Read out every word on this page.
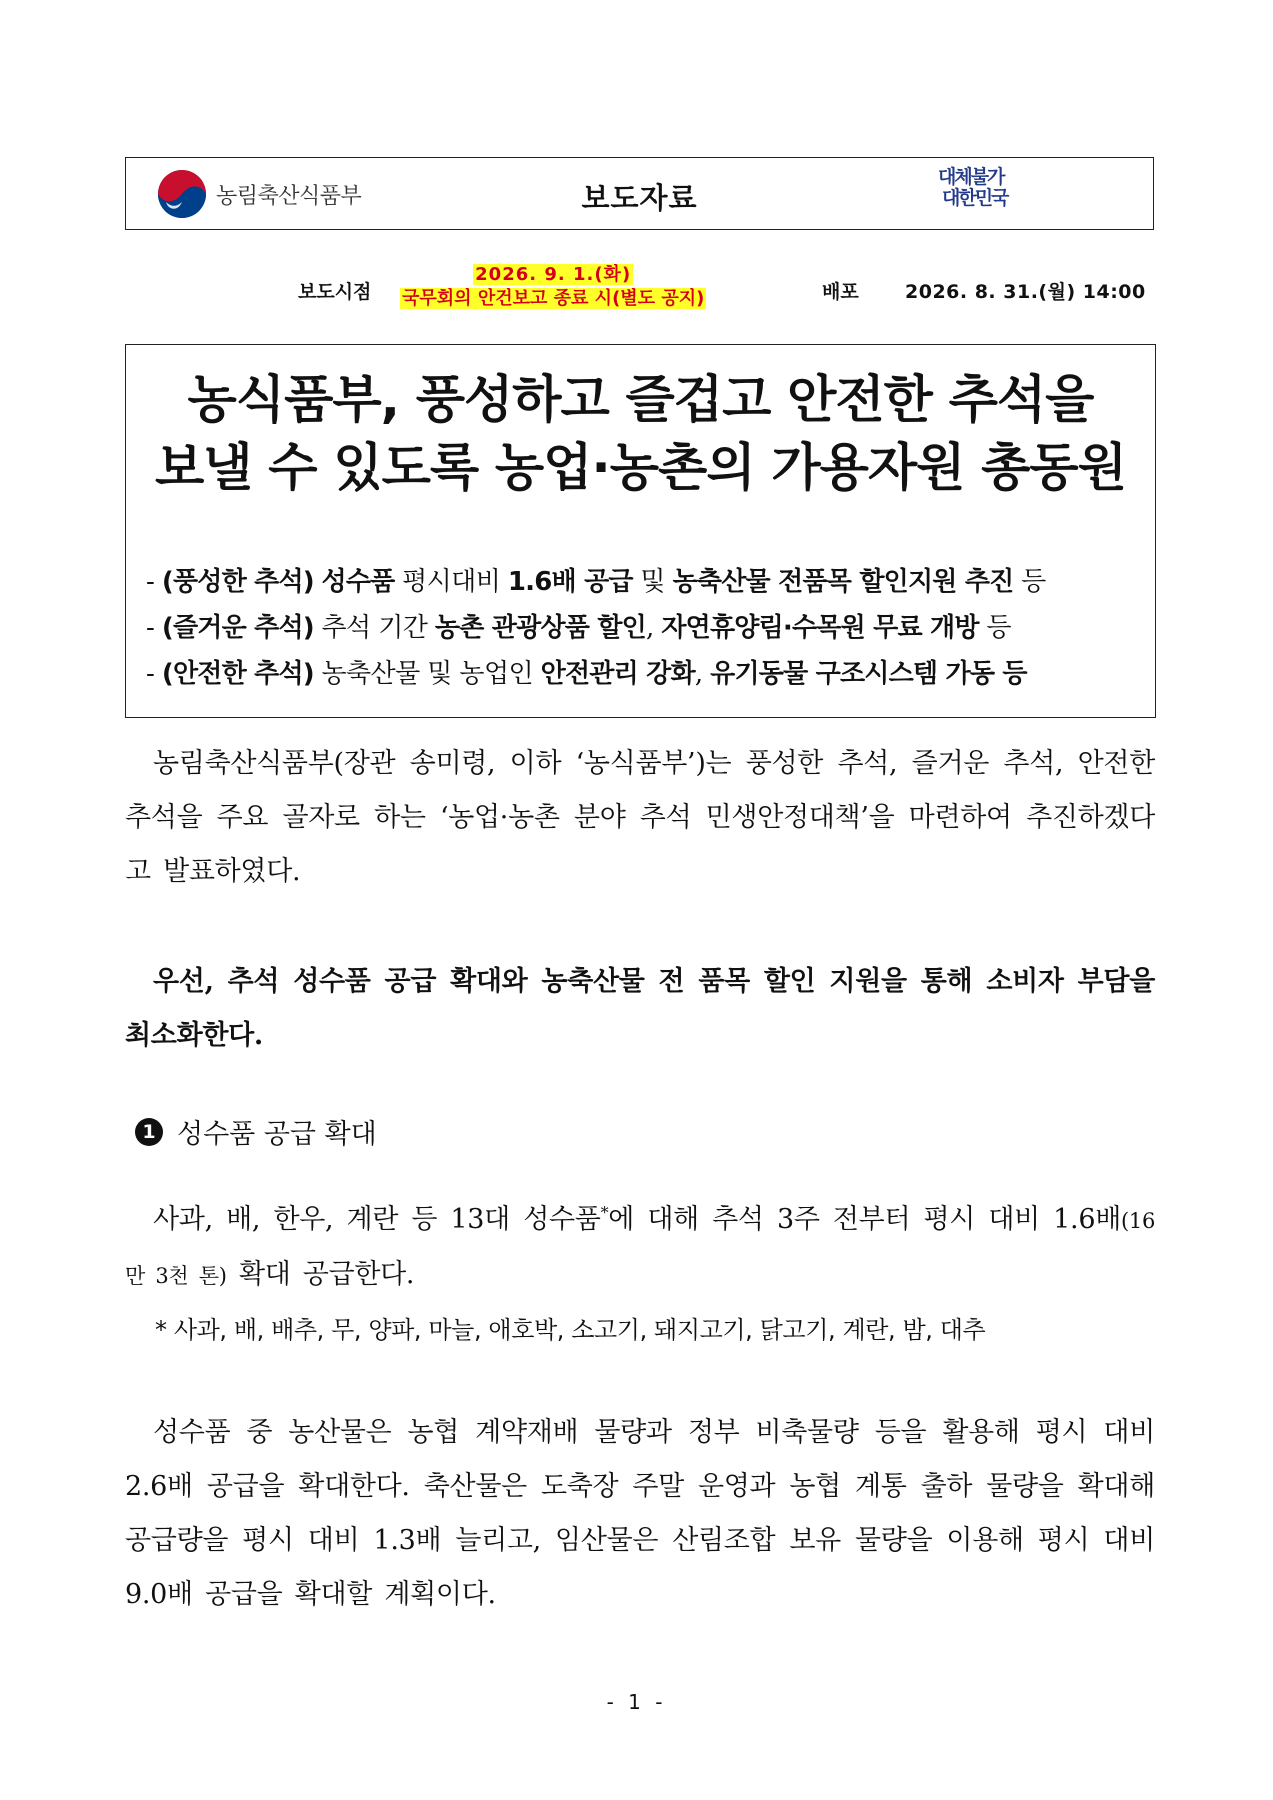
농림축산식품부	보도자료
대체불가
대한민국
보도시점
2026. 9. 1.(화)
국무회의 안건보고 종료 시(별도 공지)	배포 2026. 8. 31.(월) 14:00
농식품부, 풍성하고 즐겁고 안전한 추석을
보낼 수 있도록 농업·농촌의 가용자원 총동원
- (풍성한 추석) 성수품 평시대비 1.6배 공급 및 농축산물 전품목 할인지원 추진 등
- (즐거운 추석) 추석 기간 농촌 관광상품 할인, 자연휴양림·수목원 무료 개방 등
- (안전한 추석) 농축산물 및 농업인 안전관리 강화, 유기동물 구조시스템 가동 등
농림축산식품부(장관 송미령, 이하 ‘농식품부’)는 풍성한 추석, 즐거운 추석, 안전한 추석을 주요 골자로 하는 ‘농업·농촌 분야 추석 민생안정대책’을 마련하여 추진하겠다고 발표하였다.
우선, 추석 성수품 공급 확대와 농축산물 전 품목 할인 지원을 통해 소비자 부담을 최소화한다.
1 성수품 공급 확대
사과, 배, 한우, 계란 등 13대 성수품*에 대해 추석 3주 전부터 평시 대비 1.6배(16만 3천 톤) 확대 공급한다.
* 사과, 배, 배추, 무, 양파, 마늘, 애호박, 소고기, 돼지고기, 닭고기, 계란, 밤, 대추
성수품 중 농산물은 농협 계약재배 물량과 정부 비축물량 등을 활용해 평시 대비 2.6배 공급을 확대한다. 축산물은 도축장 주말 운영과 농협 계통 출하 물량을 확대해 공급량을 평시 대비 1.3배 늘리고, 임산물은 산림조합 보유 물량을 이용해 평시 대비 9.0배 공급을 확대할 계획이다.
- 1 -
